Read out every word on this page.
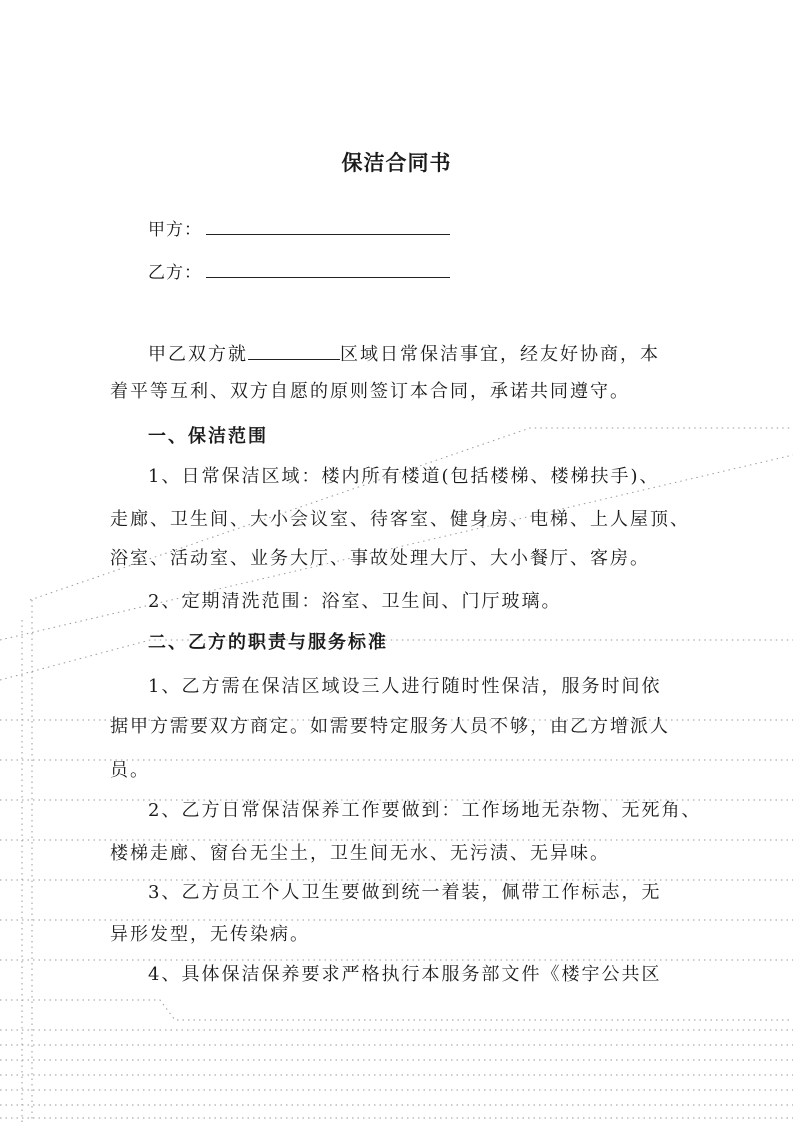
保洁合同书
甲方：
乙方：
甲乙双方就	区域日常保洁事宜，经友好协商，本
着平等互利、双方自愿的原则签订本合同，承诺共同遵守。
一、保洁范围
1、日常保洁区域：楼内所有楼道(包括楼梯、楼梯扶手)、
走廊、卫生间、大小会议室、待客室、健身房、电梯、上人屋顶、
浴室、活动室、业务大厅、事故处理大厅、大小餐厅、客房。
2、定期清洗范围：浴室、卫生间、门厅玻璃。
二、乙方的职责与服务标准
1、乙方需在保洁区域设三人进行随时性保洁，服务时间依
据甲方需要双方商定。如需要特定服务人员不够，由乙方增派人
员。
2、乙方日常保洁保养工作要做到：工作场地无杂物、无死角、
楼梯走廊、窗台无尘土，卫生间无水、无污渍、无异味。
3、乙方员工个人卫生要做到统一着装，佩带工作标志，无
异形发型，无传染病。
4、具体保洁保养要求严格执行本服务部文件《楼宇公共区
